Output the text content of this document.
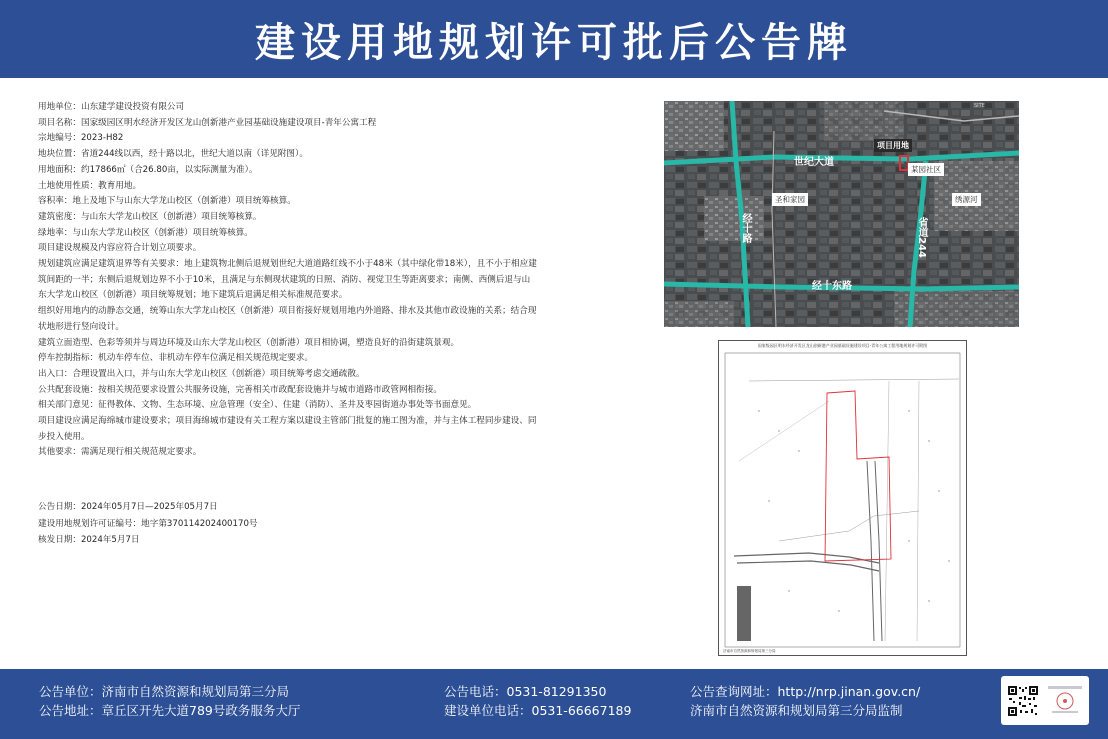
建设用地规划许可批后公告牌
用地单位：山东建学建设投资有限公司
项目名称：国家级园区明水经济开发区龙山创新港产业园基础设施建设项目-青年公寓工程
宗地编号：2023-H82
地块位置：省道244线以西，经十路以北，世纪大道以南（详见附图）。
用地面积：约17866㎡（合26.80亩，以实际测量为准）。
土地使用性质：教育用地。
容积率：地上及地下与山东大学龙山校区（创新港）项目统筹核算。
建筑密度：与山东大学龙山校区（创新港）项目统筹核算。
绿地率：与山东大学龙山校区（创新港）项目统筹核算。
项目建设规模及内容应符合计划立项要求。
规划建筑应满足建筑退界等有关要求：地上建筑物北侧后退规划世纪大道道路红线不小于48米（其中绿化带18米），且不小于相应建筑间距的一半；东侧后退规划边界不小于10米，且满足与东侧现状建筑的日照、消防、视觉卫生等距离要求；南侧、西侧后退与山东大学龙山校区（创新港）项目统筹规划；地下建筑后退满足相关标准规范要求。
组织好用地内的动静态交通，统筹山东大学龙山校区（创新港）项目衔接好规划用地内外道路、排水及其他市政设施的关系；结合现状地形进行竖向设计。
建筑立面造型、色彩等须并与周边环境及山东大学龙山校区（创新港）项目相协调，塑造良好的沿街建筑景观。
停车控制指标：机动车停车位、非机动车停车位满足相关规范规定要求。
出入口：合理设置出入口，并与山东大学龙山校区（创新港）项目统筹考虑交通疏散。
公共配套设施：按相关规范要求设置公共服务设施，完善相关市政配套设施并与城市道路市政管网相衔接。
相关部门意见：征得教体、文物、生态环境、应急管理（安全）、住建（消防）、圣井及枣园街道办事处等书面意见。
项目建设应满足海绵城市建设要求；项目海绵城市建设有关工程方案以建设主管部门批复的施工图为准，并与主体工程同步建设、同步投入使用。
其他要求：需满足现行相关规范规定要求。
公告日期：2024年05月7日—2025年05月7日
建设用地规划许可证编号：地字第370114202400170号
核发日期：2024年5月7日
世纪大道
经十东路
省道244
经十路
项目用地
某园社区
圣和家园	绣源河
SITE
国家级园区明水经济开发区龙山创新港产业园基础设施建设项目-青年公寓工程用地规划许可附图
济南市自然资源和规划局第三分局
公告单位：济南市自然资源和规划局第三分局
公告地址：章丘区开先大道789号政务服务大厅
公告电话：0531-81291350
建设单位电话：0531-66667189
公告查询网址：http://nrp.jinan.gov.cn/
济南市自然资源和规划局第三分局监制
